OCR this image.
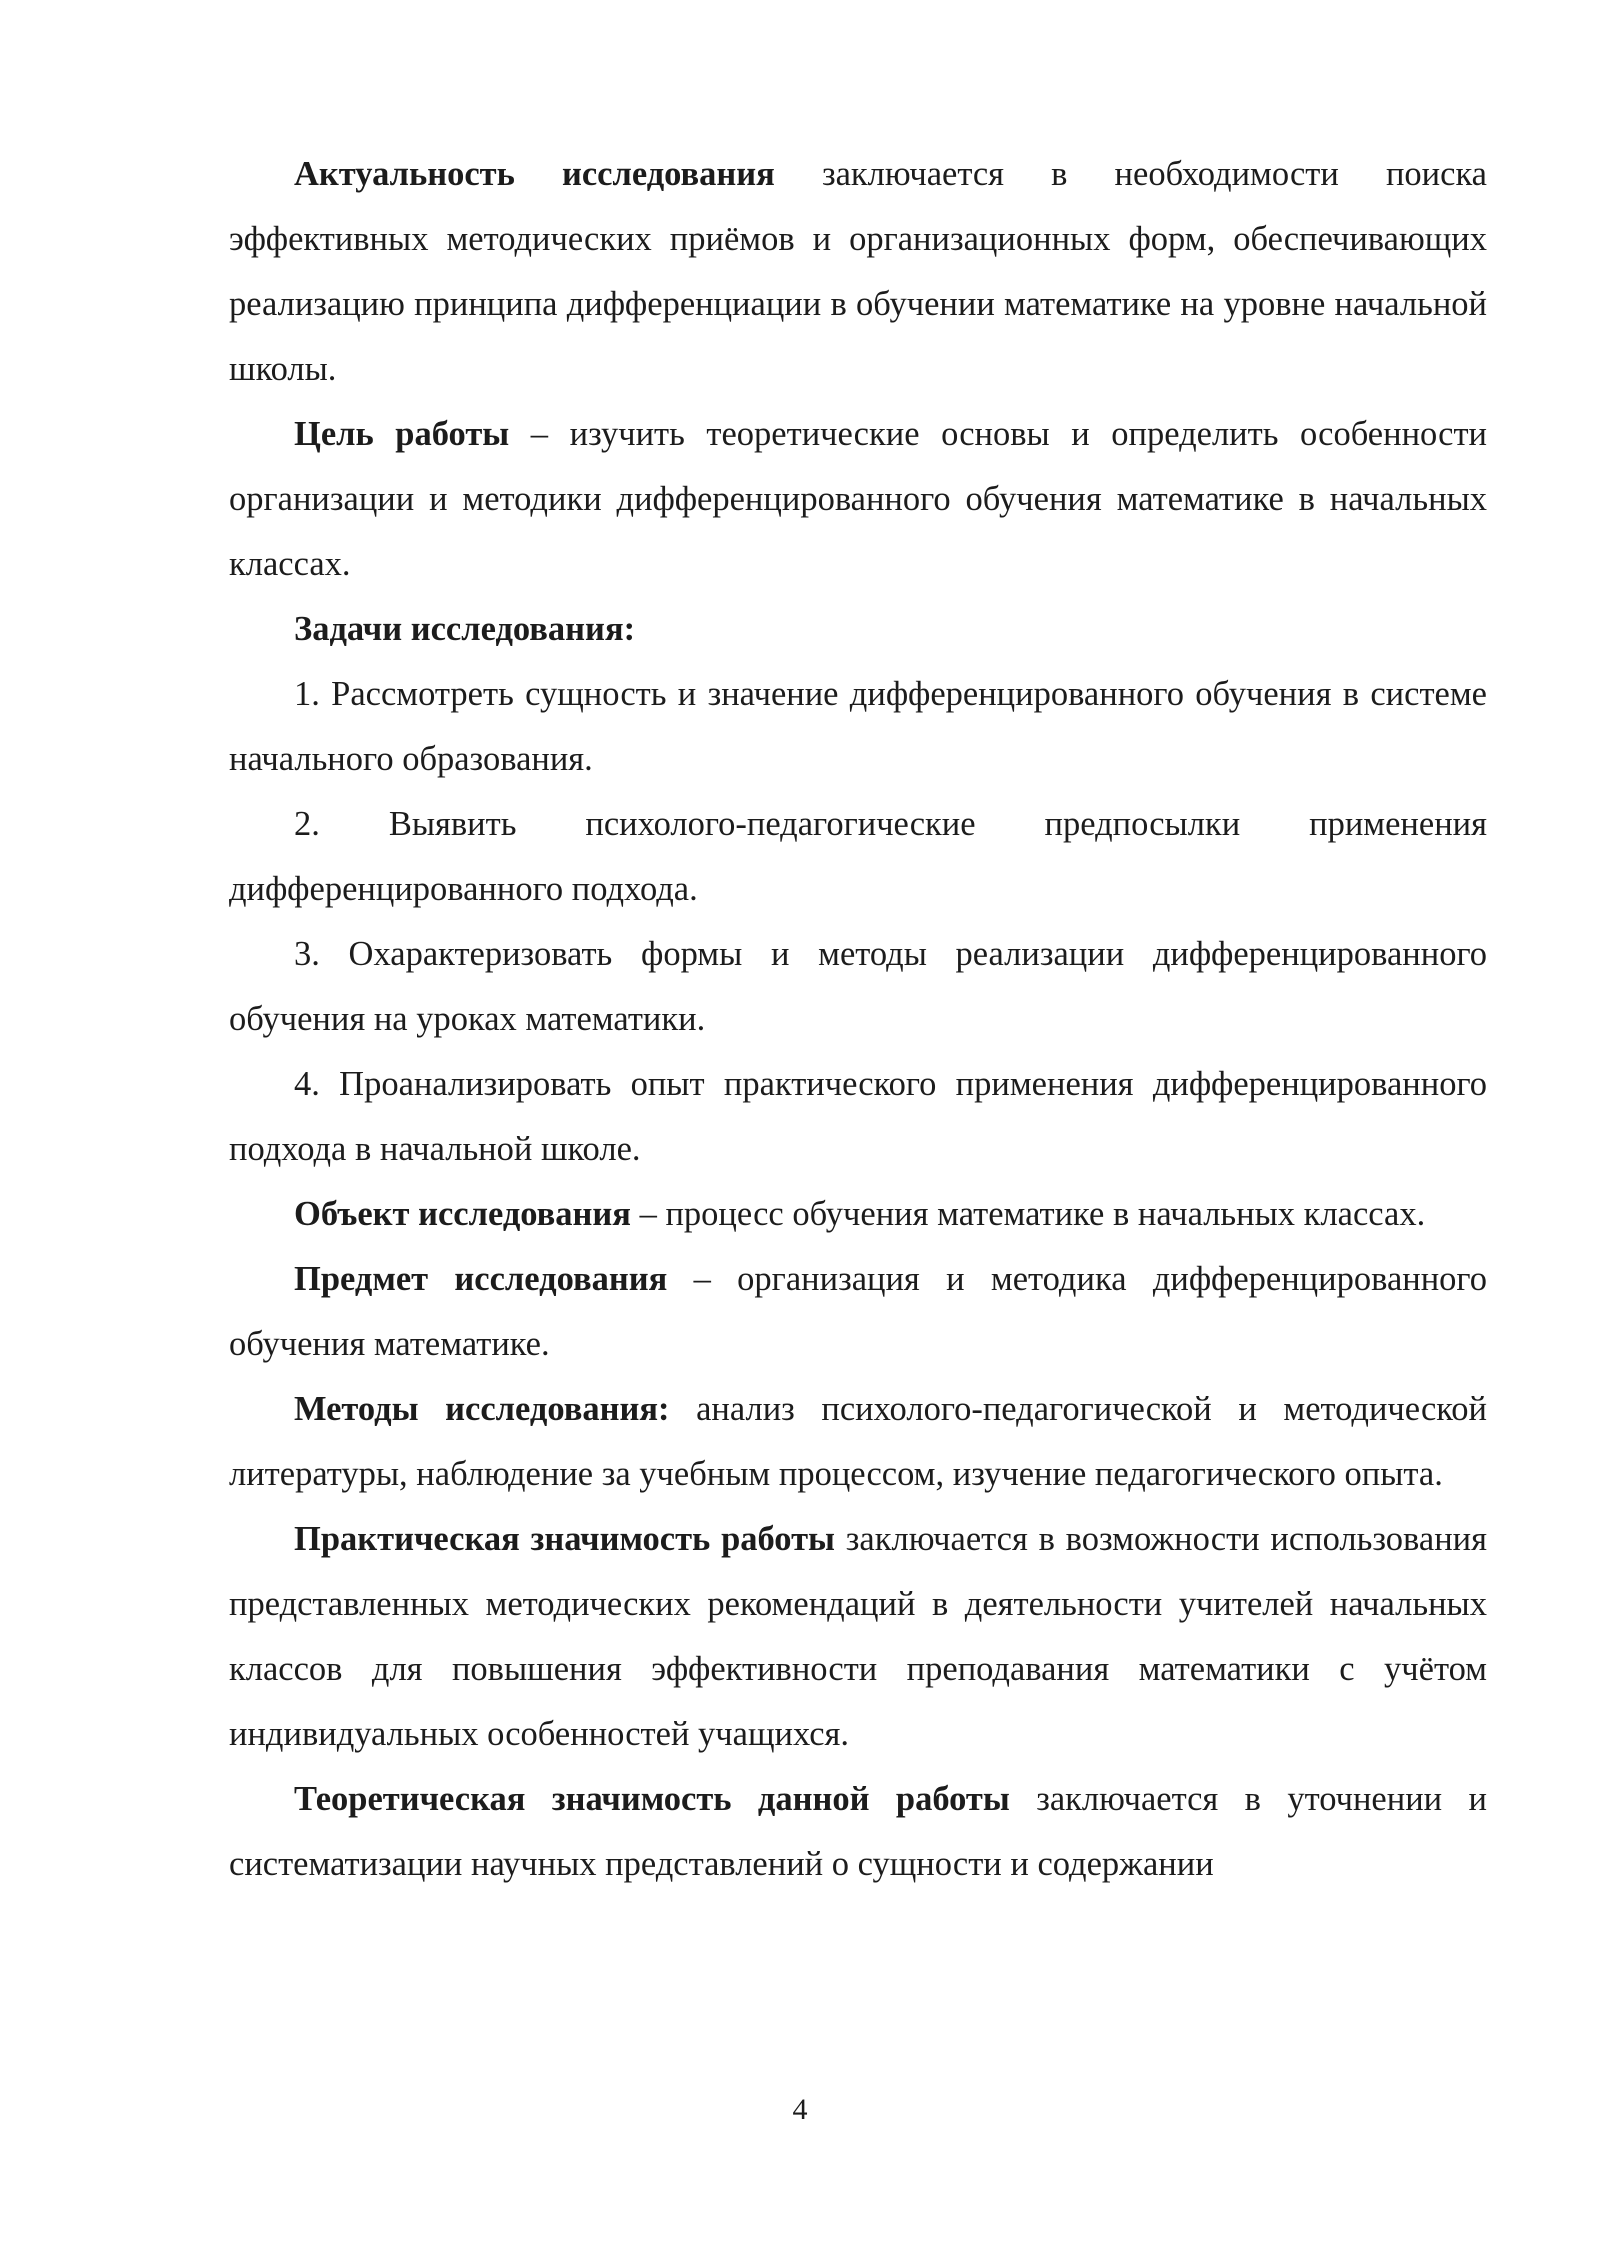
Актуальность исследования заключается в необходимости поиска эффективных методических приёмов и организационных форм, обеспечивающих реализацию принципа дифференциации в обучении математике на уровне начальной школы.

Цель работы – изучить теоретические основы и определить особенности организации и методики дифференцированного обучения математике в начальных классах.

Задачи исследования:

1. Рассмотреть сущность и значение дифференцированного обучения в системе начального образования.

2. Выявить психолого-педагогические предпосылки применения дифференцированного подхода.

3. Охарактеризовать формы и методы реализации дифференцированного обучения на уроках математики.

4. Проанализировать опыт практического применения дифференцированного подхода в начальной школе.

Объект исследования – процесс обучения математике в начальных классах.

Предмет исследования – организация и методика дифференцированного обучения математике.

Методы исследования: анализ психолого-педагогической и методической литературы, наблюдение за учебным процессом, изучение педагогического опыта.

Практическая значимость работы заключается в возможности использования представленных методических рекомендаций в деятельности учителей начальных классов для повышения эффективности преподавания математики с учётом индивидуальных особенностей учащихся.

Теоретическая значимость данной работы заключается в уточнении и систематизации научных представлений о сущности и содержании

4
